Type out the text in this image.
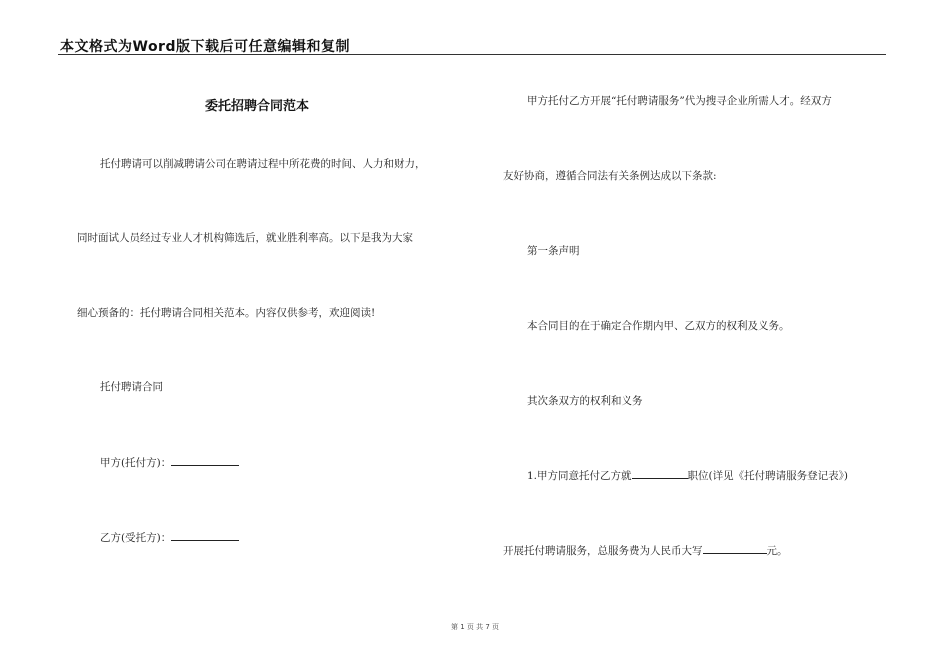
本文格式为Word版下载后可任意编辑和复制
委托招聘合同范本
托付聘请可以削减聘请公司在聘请过程中所花费的时间、人力和财力，
同时面试人员经过专业人才机构筛选后，就业胜利率高。以下是我为大家
细心预备的：托付聘请合同相关范本。内容仅供参考，欢迎阅读!
托付聘请合同
甲方(托付方)：
乙方(受托方)：
甲方托付乙方开展“托付聘请服务”代为搜寻企业所需人才。经双方
友好协商，遵循合同法有关条例达成以下条款:
第一条声明
本合同目的在于确定合作期内甲、乙双方的权利及义务。
其次条双方的权利和义务
1.甲方同意托付乙方就	职位(详见《托付聘请服务登记表》)
开展托付聘请服务，总服务费为人民币大写	元。
第 1 页 共 7 页
